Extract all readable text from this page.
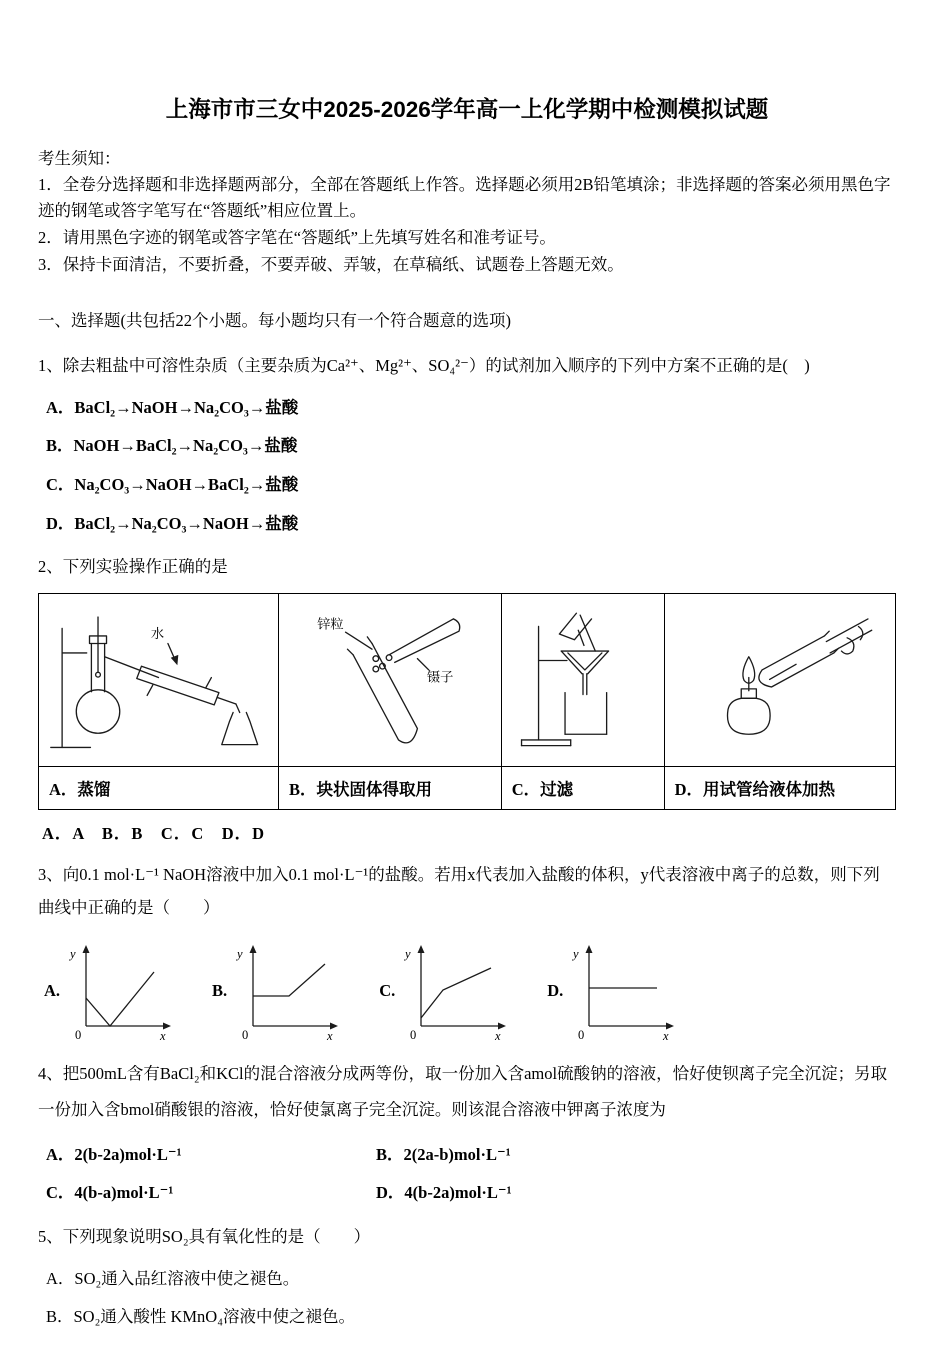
上海市市三女中2025-2026学年高一上化学期中检测模拟试题

考生须知：

1．全卷分选择题和非选择题两部分，全部在答题纸上作答。选择题必须用2B铅笔填涂；非选择题的答案必须用黑色字迹的钢笔或答字笔写在“答题纸”相应位置上。

2．请用黑色字迹的钢笔或答字笔在“答题纸”上先填写姓名和准考证号。

3．保持卡面清洁，不要折叠，不要弄破、弄皱，在草稿纸、试题卷上答题无效。

一、选择题(共包括22个小题。每小题均只有一个符合题意的选项)

1、除去粗盐中可溶性杂质（主要杂质为Ca²⁺、Mg²⁺、SO₄²⁻）的试剂加入顺序的下列中方案不正确的是(　)

A．BaCl₂→NaOH→Na₂CO₃→盐酸

B．NaOH→BaCl₂→Na₂CO₃→盐酸

C．Na₂CO₃→NaOH→BaCl₂→盐酸

D．BaCl₂→Na₂CO₃→NaOH→盐酸

2、下列实验操作正确的是

水	锌粒
镊子

A．蒸馏	B．块状固体得取用	C．过滤	D．用试管给液体加热

A．A　B．B　C．C　D．D

3、向0.1 mol·L⁻¹ NaOH溶液中加入0.1 mol·L⁻¹的盐酸。若用x代表加入盐酸的体积，y代表溶液中离子的总数，则下列曲线中正确的是（　　）

A.
y
0	x
B.
y
0	x
C.
y
0	x
D.
y
0	x

4、把500mL含有BaCl₂和KCl的混合溶液分成两等份，取一份加入含amol硫酸钠的溶液，恰好使钡离子完全沉淀；另取一份加入含bmol硝酸银的溶液，恰好使氯离子完全沉淀。则该混合溶液中钾离子浓度为

A．2(b-2a)mol·L⁻¹	B．2(2a-b)mol·L⁻¹

C．4(b-a)mol·L⁻¹	D．4(b-2a)mol·L⁻¹

5、下列现象说明SO₂具有氧化性的是（　　）

A．SO₂通入品红溶液中使之褪色。

B．SO₂通入酸性 KMnO₄溶液中使之褪色。
